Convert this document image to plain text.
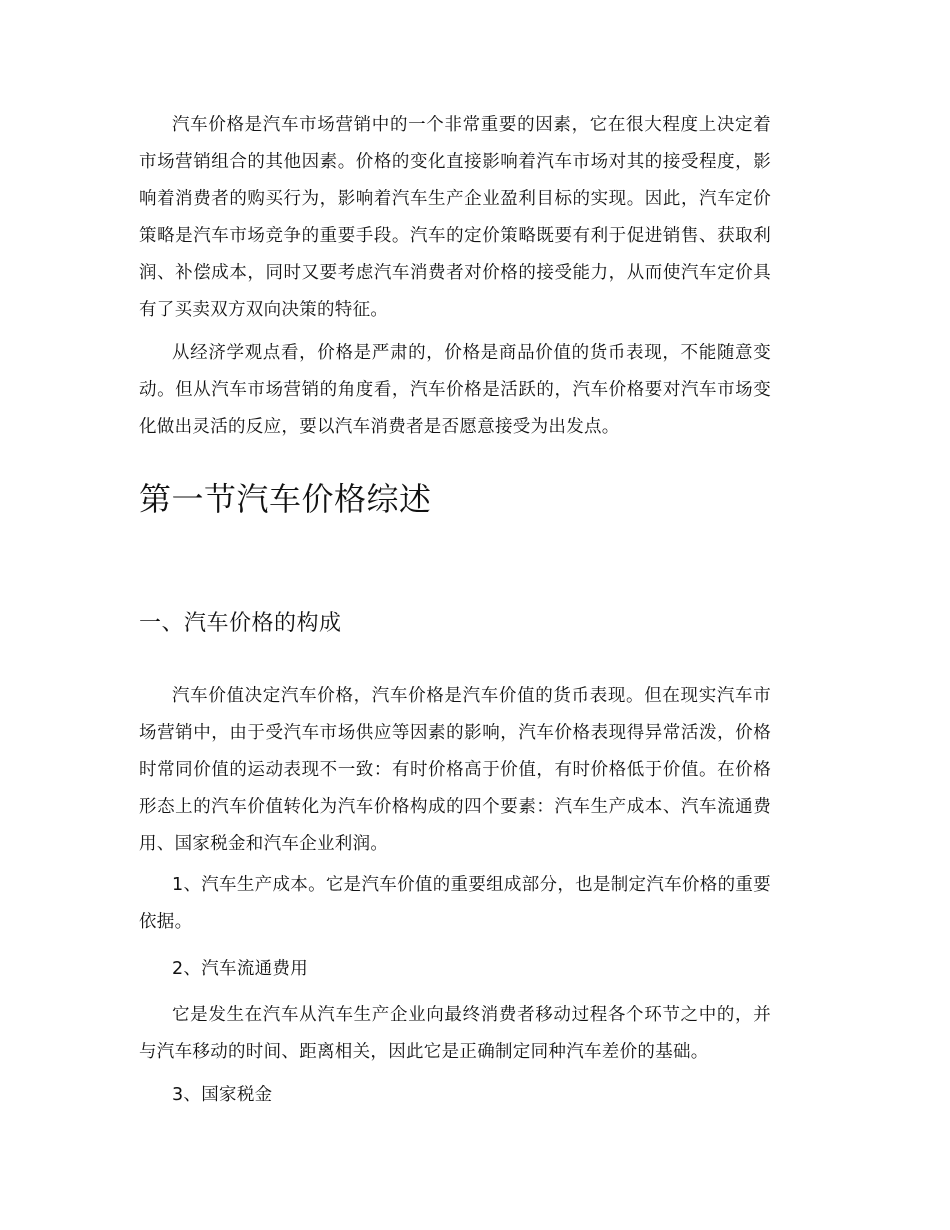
汽车价格是汽车市场营销中的一个非常重要的因素，它在很大程度上决定着市场营销组合的其他因素。价格的变化直接影响着汽车市场对其的接受程度，影响着消费者的购买行为，影响着汽车生产企业盈利目标的实现。因此，汽车定价策略是汽车市场竞争的重要手段。汽车的定价策略既要有利于促进销售、获取利润、补偿成本，同时又要考虑汽车消费者对价格的接受能力，从而使汽车定价具有了买卖双方双向决策的特征。

从经济学观点看，价格是严肃的，价格是商品价值的货币表现，不能随意变动。但从汽车市场营销的角度看，汽车价格是活跃的，汽车价格要对汽车市场变化做出灵活的反应，要以汽车消费者是否愿意接受为出发点。

第一节汽车价格综述
一、汽车价格的构成

汽车价值决定汽车价格，汽车价格是汽车价值的货币表现。但在现实汽车市场营销中，由于受汽车市场供应等因素的影响，汽车价格表现得异常活泼，价格时常同价值的运动表现不一致：有时价格高于价值，有时价格低于价值。在价格形态上的汽车价值转化为汽车价格构成的四个要素：汽车生产成本、汽车流通费用、国家税金和汽车企业利润。

1、汽车生产成本。它是汽车价值的重要组成部分，也是制定汽车价格的重要依据。

2、汽车流通费用

它是发生在汽车从汽车生产企业向最终消费者移动过程各个环节之中的，并与汽车移动的时间、距离相关，因此它是正确制定同种汽车差价的基础。

3、国家税金
